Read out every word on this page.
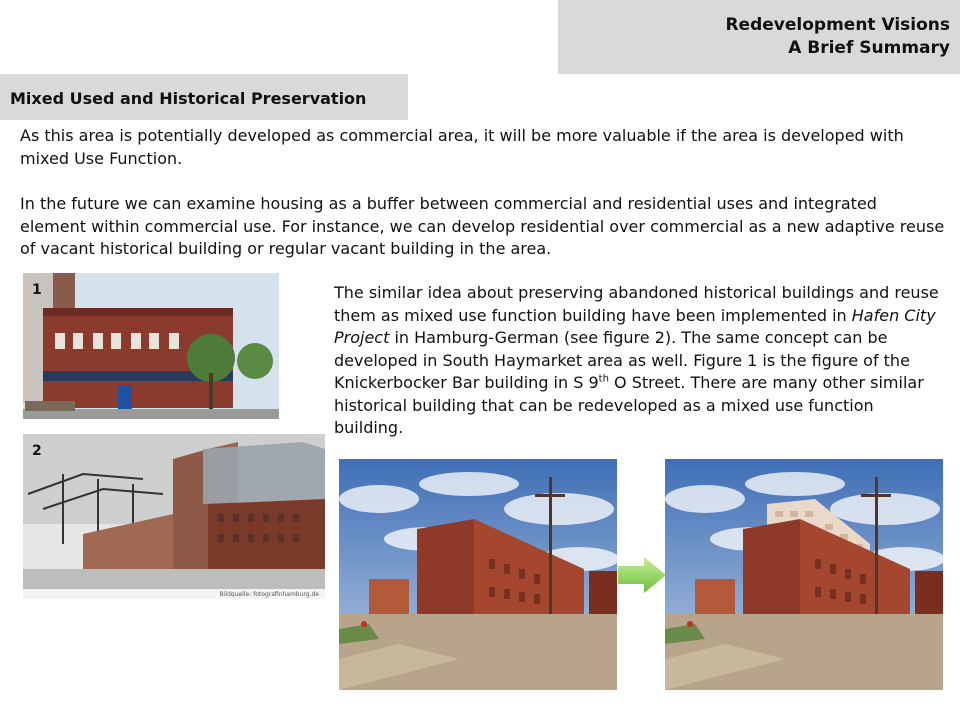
Redevelopment Visions
A Brief Summary
Mixed Used and Historical Preservation
As this area is potentially developed as commercial area, it will be more valuable if the area is developed with mixed Use Function.
In the future we can examine housing as a buffer between commercial and residential uses and integrated element within commercial use. For instance, we can develop residential over commercial as a new adaptive reuse of vacant historical building or regular vacant building in the area.
1
2
Bildquelle: fotografinhamburg.de
The similar idea about preserving abandoned historical buildings and reuse them as mixed use function building have been implemented in Hafen City Project in Hamburg-German (see figure 2). The same concept can be developed in South Haymarket area as well. Figure 1 is the figure of the Knickerbocker Bar building in S 9th O Street. There are many other similar historical building that can be redeveloped as a mixed use function building.
